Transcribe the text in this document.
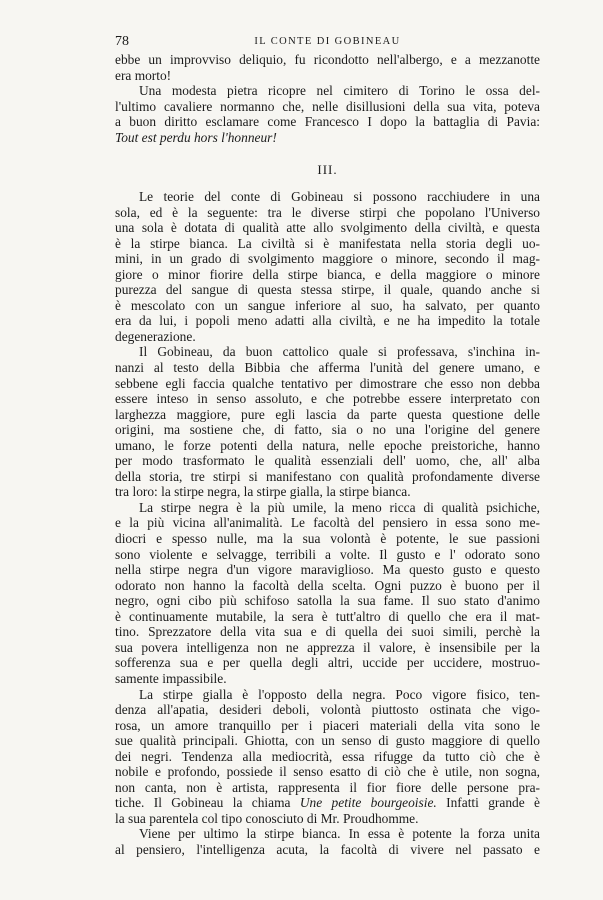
78	IL CONTE DI GOBINEAU
ebbe un improvviso deliquio, fu ricondotto nell'albergo, e a mezzanotte
era morto!
Una modesta pietra ricopre nel cimitero di Torino le ossa del-
l'ultimo cavaliere normanno che, nelle disillusioni della sua vita, poteva
a buon diritto esclamare come Francesco I dopo la battaglia di Pavia:
Tout est perdu hors l'honneur!
III.
Le teorie del conte di Gobineau si possono racchiudere in una
sola, ed è la seguente: tra le diverse stirpi che popolano l'Universo
una sola è dotata di qualità atte allo svolgimento della civiltà, e questa
è la stirpe bianca. La civiltà si è manifestata nella storia degli uo-
mini, in un grado di svolgimento maggiore o minore, secondo il mag-
giore o minor fiorire della stirpe bianca, e della maggiore o minore
purezza del sangue di questa stessa stirpe, il quale, quando anche si
è mescolato con un sangue inferiore al suo, ha salvato, per quanto
era da lui, i popoli meno adatti alla civiltà, e ne ha impedito la totale
degenerazione.
Il Gobineau, da buon cattolico quale si professava, s'inchina in-
nanzi al testo della Bibbia che afferma l'unità del genere umano, e
sebbene egli faccia qualche tentativo per dimostrare che esso non debba
essere inteso in senso assoluto, e che potrebbe essere interpretato con
larghezza maggiore, pure egli lascia da parte questa questione delle
origini, ma sostiene che, di fatto, sia o no una l'origine del genere
umano, le forze potenti della natura, nelle epoche preistoriche, hanno
per modo trasformato le qualità essenziali dell' uomo, che, all' alba
della storia, tre stirpi si manifestano con qualità profondamente diverse
tra loro: la stirpe negra, la stirpe gialla, la stirpe bianca.
La stirpe negra è la più umile, la meno ricca di qualità psichiche,
e la più vicina all'animalità. Le facoltà del pensiero in essa sono me-
diocri e spesso nulle, ma la sua volontà è potente, le sue passioni
sono violente e selvagge, terribili a volte. Il gusto e l' odorato sono
nella stirpe negra d'un vigore maraviglioso. Ma questo gusto e questo
odorato non hanno la facoltà della scelta. Ogni puzzo è buono per il
negro, ogni cibo più schifoso satolla la sua fame. Il suo stato d'animo
è continuamente mutabile, la sera è tutt'altro di quello che era il mat-
tino. Sprezzatore della vita sua e di quella dei suoi simili, perchè la
sua povera intelligenza non ne apprezza il valore, è insensibile per la
sofferenza sua e per quella degli altri, uccide per uccidere, mostruo-
samente impassibile.
La stirpe gialla è l'opposto della negra. Poco vigore fisico, ten-
denza all'apatia, desideri deboli, volontà piuttosto ostinata che vigo-
rosa, un amore tranquillo per i piaceri materiali della vita sono le
sue qualità principali. Ghiotta, con un senso di gusto maggiore di quello
dei negri. Tendenza alla mediocrità, essa rifugge da tutto ciò che è
nobile e profondo, possiede il senso esatto di ciò che è utile, non sogna,
non canta, non è artista, rappresenta il fior fiore delle persone pra-
tiche. Il Gobineau la chiama Une petite bourgeoisie. Infatti grande è
la sua parentela col tipo conosciuto di Mr. Proudhomme.
Viene per ultimo la stirpe bianca. In essa è potente la forza unita
al pensiero, l'intelligenza acuta, la facoltà di vivere nel passato e
